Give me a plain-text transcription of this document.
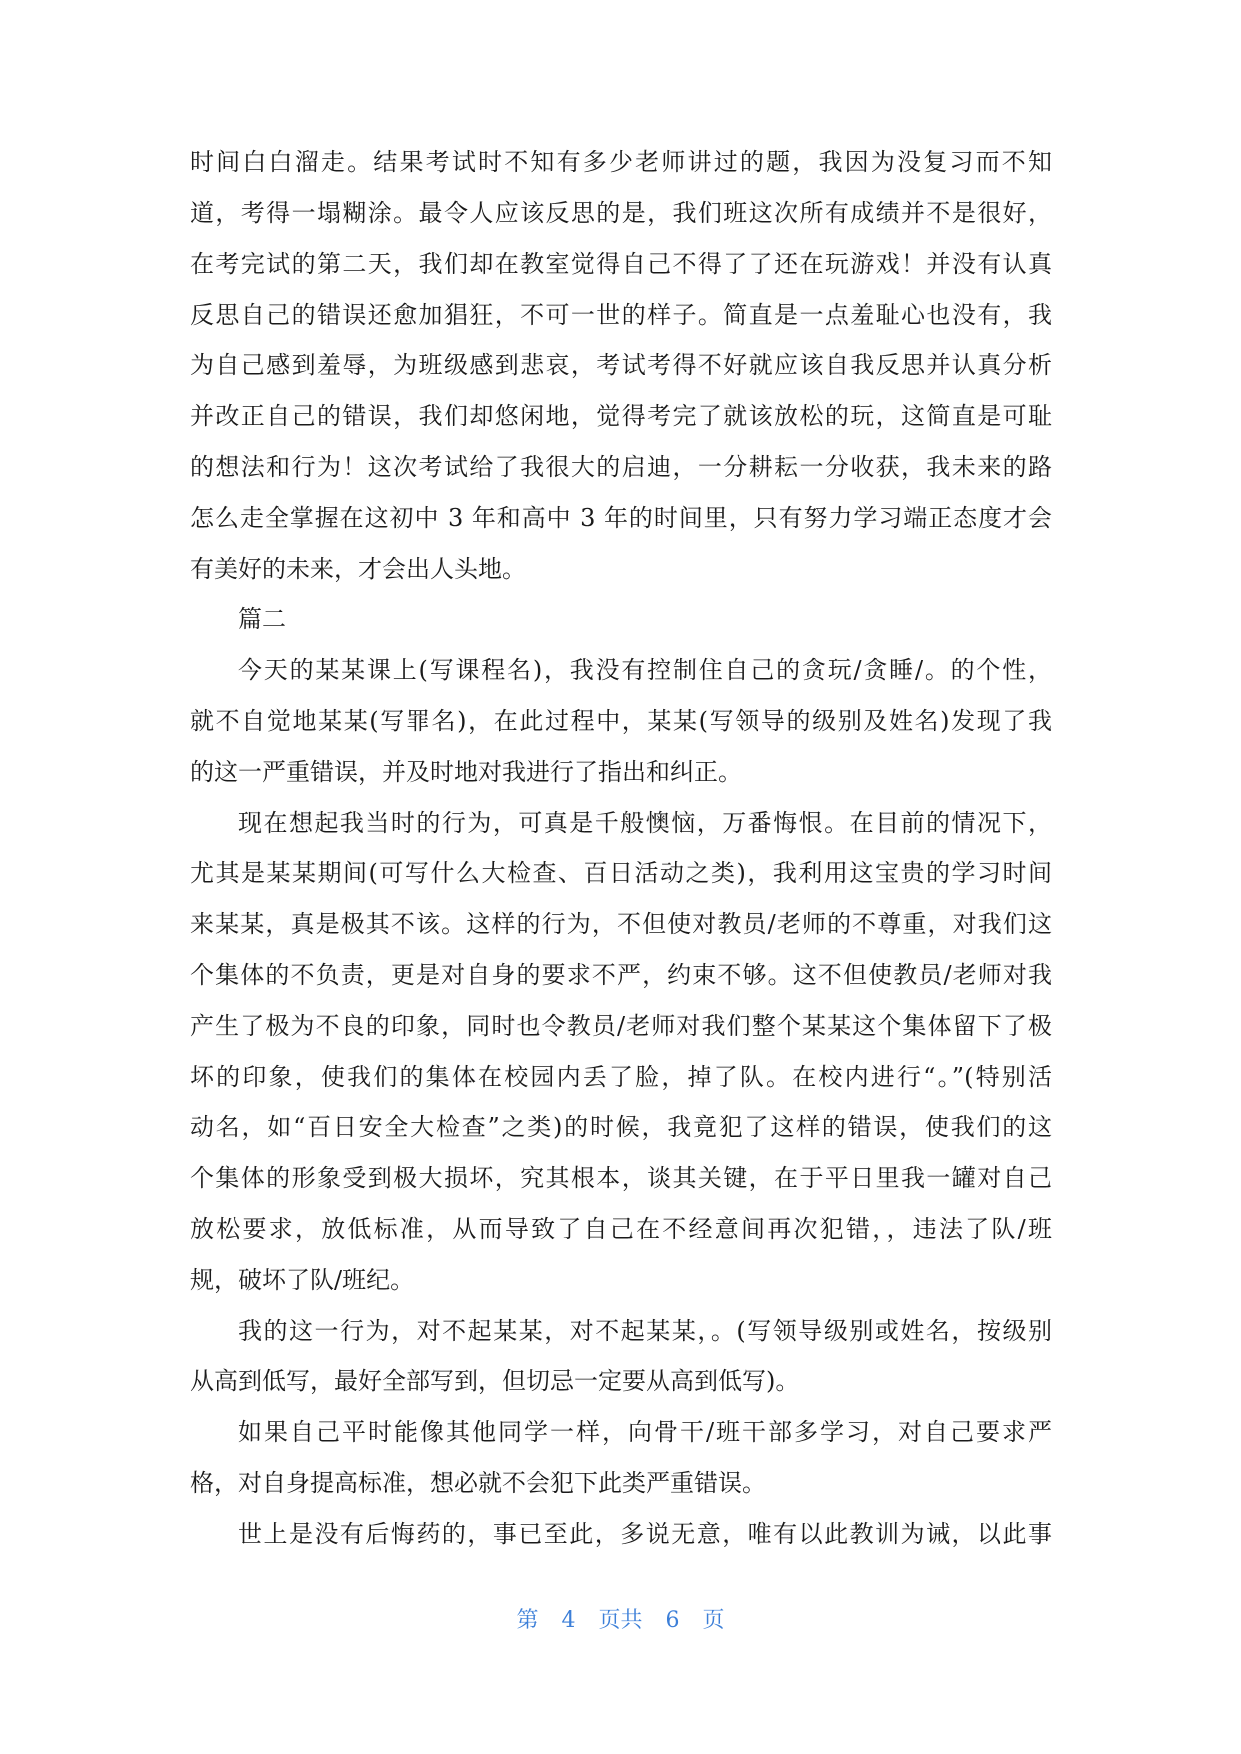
时间白白溜走。结果考试时不知有多少老师讲过的题，我因为没复习而不知
道，考得一塌糊涂。最令人应该反思的是，我们班这次所有成绩并不是很好，
在考完试的第二天，我们却在教室觉得自己不得了了还在玩游戏！并没有认真
反思自己的错误还愈加猖狂，不可一世的样子。简直是一点羞耻心也没有，我
为自己感到羞辱，为班级感到悲哀，考试考得不好就应该自我反思并认真分析
并改正自己的错误，我们却悠闲地，觉得考完了就该放松的玩，这简直是可耻
的想法和行为！这次考试给了我很大的启迪，一分耕耘一分收获，我未来的路
怎么走全掌握在这初中 3 年和高中 3 年的时间里，只有努力学习端正态度才会
有美好的未来，才会出人头地。
篇二
今天的某某课上(写课程名)，我没有控制住自己的贪玩/贪睡/。的个性，
就不自觉地某某(写罪名)，在此过程中，某某(写领导的级别及姓名)发现了我
的这一严重错误，并及时地对我进行了指出和纠正。
现在想起我当时的行为，可真是千般懊恼，万番悔恨。在目前的情况下，
尤其是某某期间(可写什么大检查、百日活动之类)，我利用这宝贵的学习时间
来某某，真是极其不该。这样的行为，不但使对教员/老师的不尊重，对我们这
个集体的不负责，更是对自身的要求不严，约束不够。这不但使教员/老师对我
产生了极为不良的印象，同时也令教员/老师对我们整个某某这个集体留下了极
坏的印象，使我们的集体在校园内丢了脸，掉了队。在校内进行“。”(特别活
动名，如“百日安全大检查”之类)的时候，我竟犯了这样的错误，使我们的这
个集体的形象受到极大损坏，究其根本，谈其关键，在于平日里我一罐对自己
放松要求，放低标准，从而导致了自己在不经意间再次犯错，，违法了队/班
规，破坏了队/班纪。
我的这一行为，对不起某某，对不起某某，。(写领导级别或姓名，按级别
从高到低写，最好全部写到，但切忌一定要从高到低写)。
如果自己平时能像其他同学一样，向骨干/班干部多学习，对自己要求严
格，对自身提高标准，想必就不会犯下此类严重错误。
世上是没有后悔药的，事已至此，多说无意，唯有以此教训为诫，以此事
第 4 页共 6 页
